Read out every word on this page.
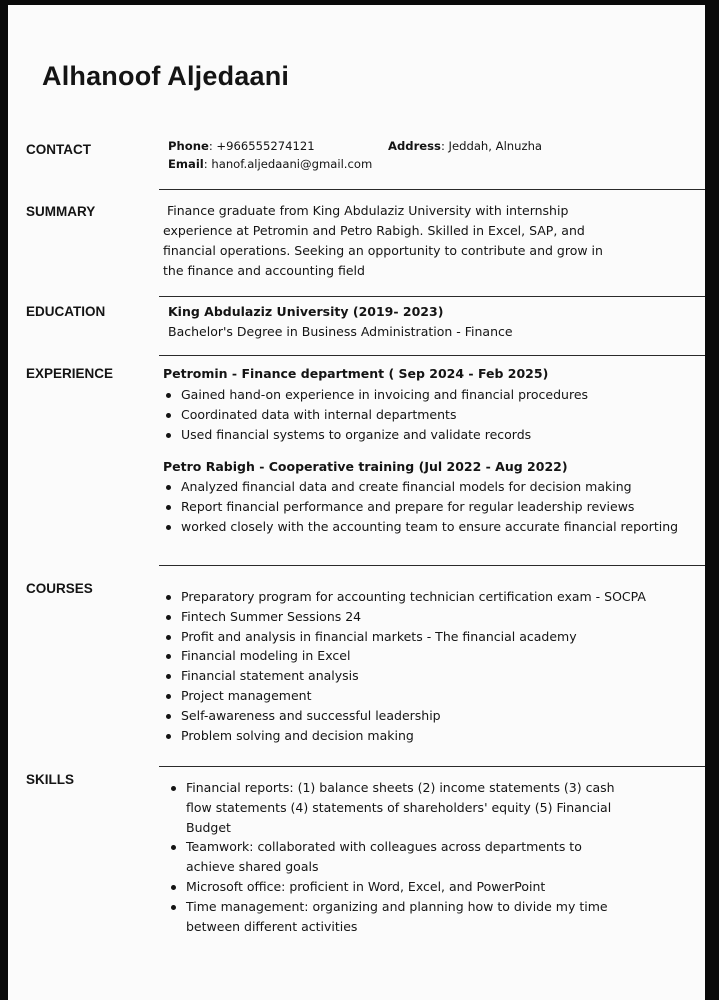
Alhanoof Aljedaani
CONTACT	Phone: +966555274121	Address: Jeddah, Alnuzha
Email: hanof.aljedaani@gmail.com
SUMMARY	Finance graduate from King Abdulaziz University with internship
experience at Petromin and Petro Rabigh. Skilled in Excel, SAP, and
financial operations. Seeking an opportunity to contribute and grow in
the finance and accounting field
EDUCATION	King Abdulaziz University (2019- 2023)
Bachelor's Degree in Business Administration - Finance
EXPERIENCE	Petromin - Finance department ( Sep 2024 - Feb 2025)
Gained hand-on experience in invoicing and financial procedures
Coordinated data with internal departments
Used financial systems to organize and validate records
Petro Rabigh - Cooperative training (Jul 2022 - Aug 2022)
Analyzed financial data and create financial models for decision making
Report financial performance and prepare for regular leadership reviews
worked closely with the accounting team to ensure accurate financial reporting
COURSES
Preparatory program for accounting technician certification exam - SOCPA
Fintech Summer Sessions 24
Profit and analysis in financial markets - The financial academy
Financial modeling in Excel
Financial statement analysis
Project management
Self-awareness and successful leadership
Problem solving and decision making
SKILLS
Financial reports: (1) balance sheets (2) income statements (3) cash flow statements (4) statements of shareholders' equity (5) Financial Budget
Teamwork: collaborated with colleagues across departments to achieve shared goals
Microsoft office: proficient in Word, Excel, and PowerPoint
Time management: organizing and planning how to divide my time between different activities
